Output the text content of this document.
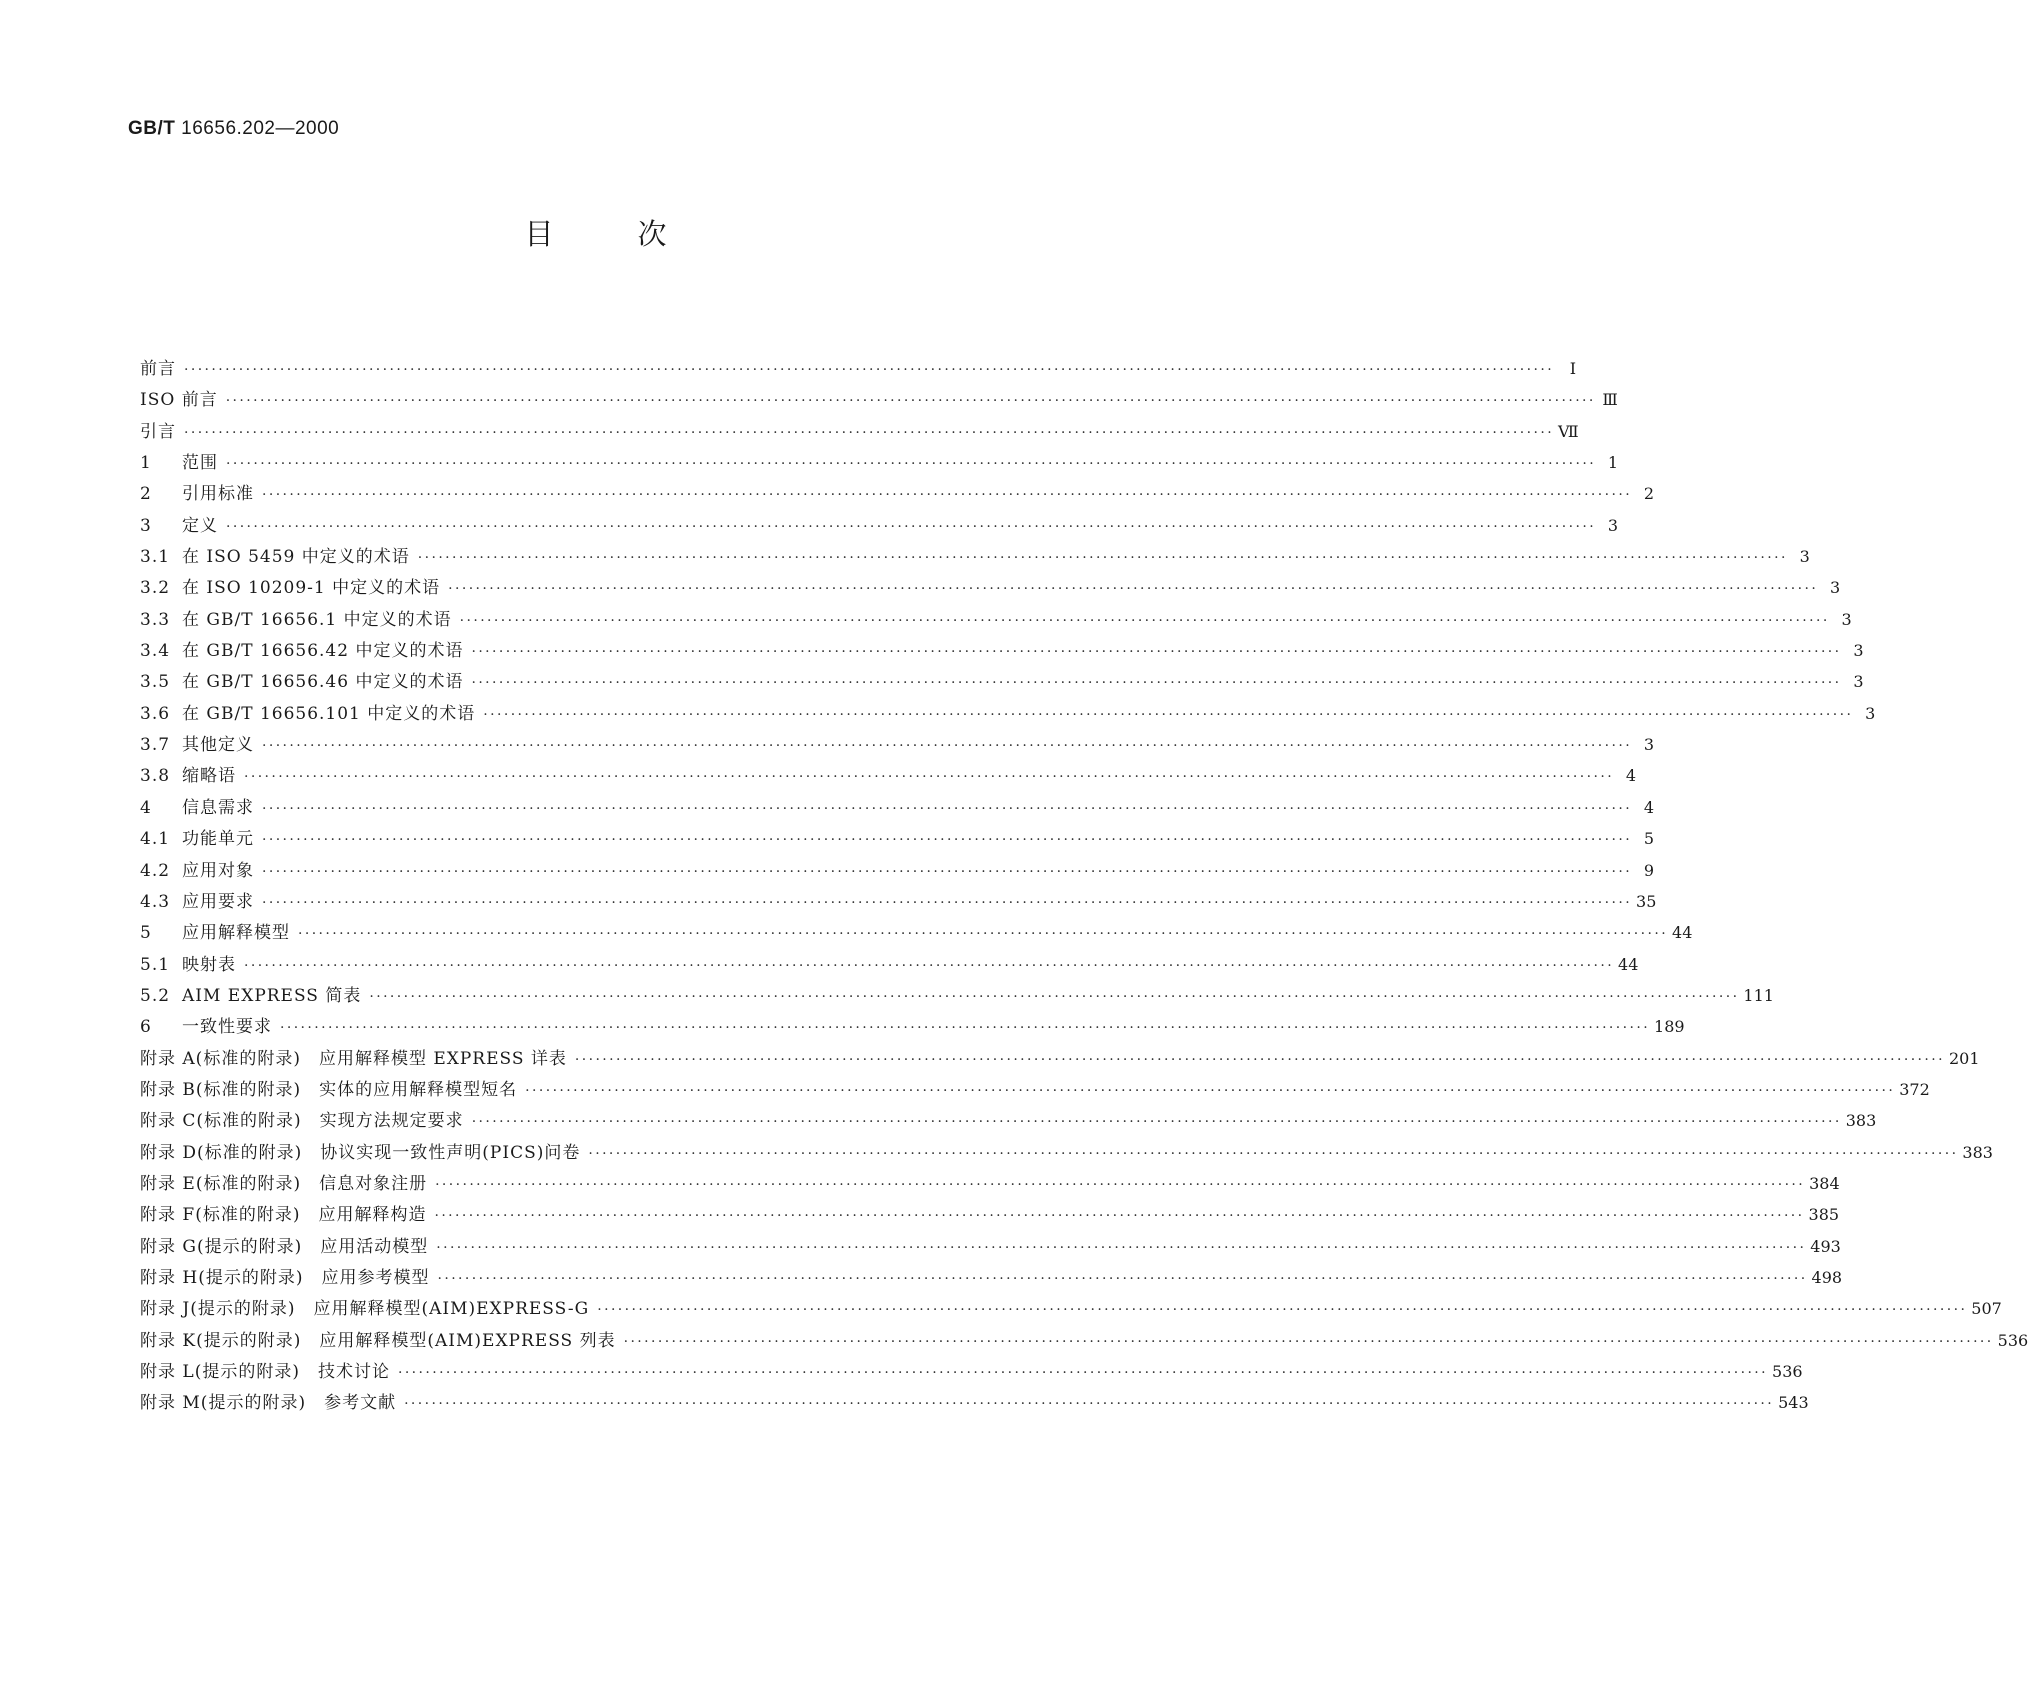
GB/T 16656.202—2000
目次
前言 ········································································································································································································ Ⅰ
ISO 前言 ········································································································································································································ Ⅲ
引言 ········································································································································································································ Ⅶ
1 范围 ········································································································································································································ 1
2 引用标准 ········································································································································································································ 2
3 定义 ········································································································································································································ 3
3.1 在 ISO 5459 中定义的术语 ········································································································································································································ 3
3.2 在 ISO 10209-1 中定义的术语 ········································································································································································································ 3
3.3 在 GB/T 16656.1 中定义的术语 ········································································································································································································ 3
3.4 在 GB/T 16656.42 中定义的术语 ········································································································································································································ 3
3.5 在 GB/T 16656.46 中定义的术语 ········································································································································································································ 3
3.6 在 GB/T 16656.101 中定义的术语 ········································································································································································································ 3
3.7 其他定义 ········································································································································································································ 3
3.8 缩略语 ········································································································································································································ 4
4 信息需求 ········································································································································································································ 4
4.1 功能单元 ········································································································································································································ 5
4.2 应用对象 ········································································································································································································ 9
4.3 应用要求 ········································································································································································································ 35
5 应用解释模型 ········································································································································································································ 44
5.1 映射表 ········································································································································································································ 44
5.2 AIM EXPRESS 简表 ········································································································································································································ 111
6 一致性要求 ········································································································································································································ 189
附录 A(标准的附录)　应用解释模型 EXPRESS 详表 ········································································································································································································ 201
附录 B(标准的附录)　实体的应用解释模型短名 ········································································································································································································ 372
附录 C(标准的附录)　实现方法规定要求 ········································································································································································································ 383
附录 D(标准的附录)　协议实现一致性声明(PICS)问卷 ········································································································································································································ 383
附录 E(标准的附录)　信息对象注册 ········································································································································································································ 384
附录 F(标准的附录)　应用解释构造 ········································································································································································································ 385
附录 G(提示的附录)　应用活动模型 ········································································································································································································ 493
附录 H(提示的附录)　应用参考模型 ········································································································································································································ 498
附录 J(提示的附录)　应用解释模型(AIM)EXPRESS-G ········································································································································································································ 507
附录 K(提示的附录)　应用解释模型(AIM)EXPRESS 列表 ········································································································································································································ 536
附录 L(提示的附录)　技术讨论 ········································································································································································································ 536
附录 M(提示的附录)　参考文献 ········································································································································································································ 543
